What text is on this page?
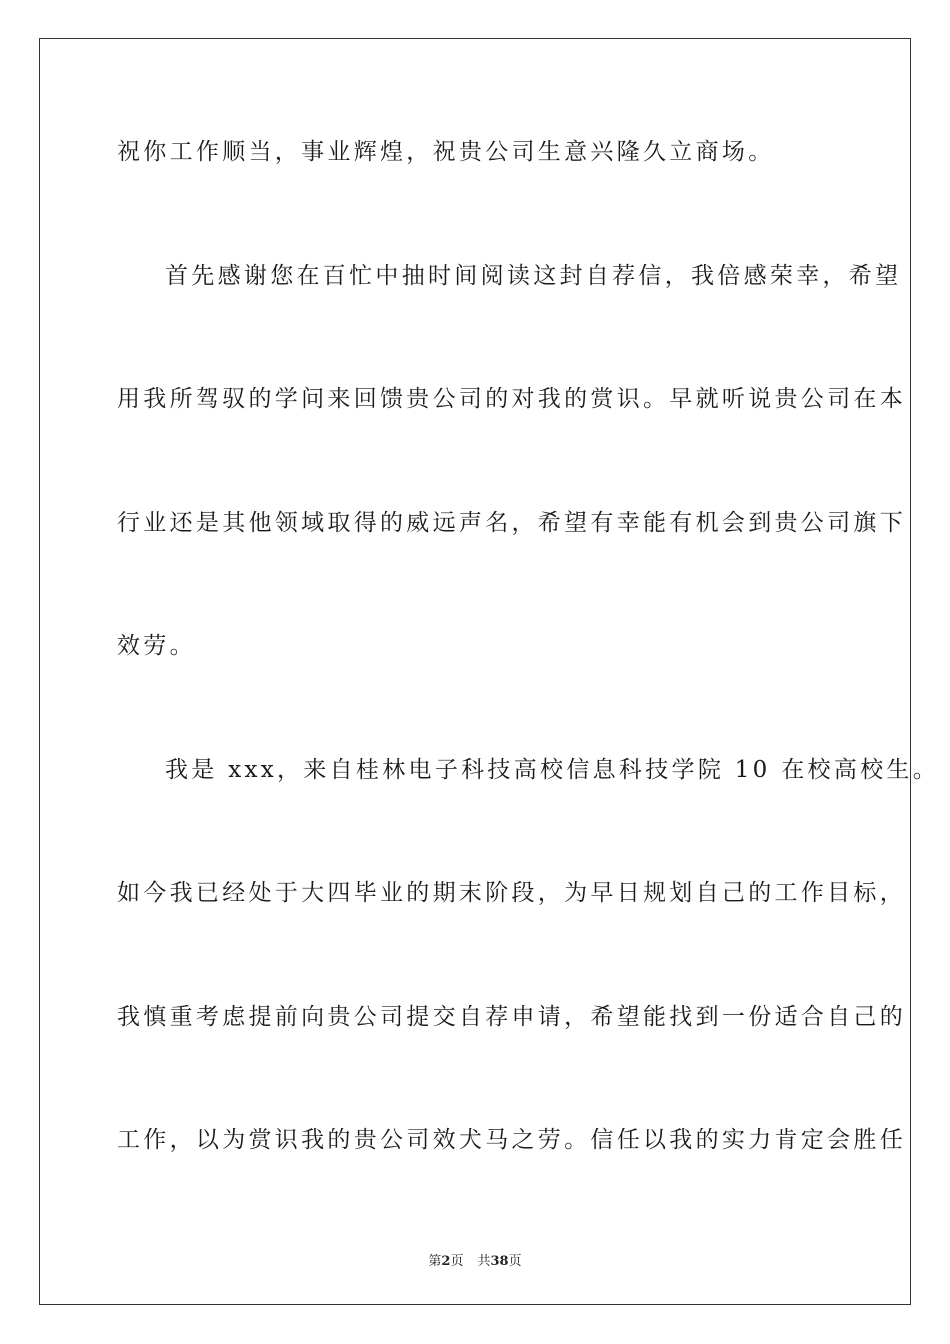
祝你工作顺当，事业辉煌，祝贵公司生意兴隆久立商场。
首先感谢您在百忙中抽时间阅读这封自荐信，我倍感荣幸，希望
用我所驾驭的学问来回馈贵公司的对我的赏识。早就听说贵公司在本
行业还是其他领域取得的威远声名，希望有幸能有机会到贵公司旗下
效劳。
我是 xxx，来自桂林电子科技高校信息科技学院 10 在校高校生。
如今我已经处于大四毕业的期末阶段，为早日规划自己的工作目标，
我慎重考虑提前向贵公司提交自荐申请，希望能找到一份适合自己的
工作，以为赏识我的贵公司效犬马之劳。信任以我的实力肯定会胜任
第2页 共38页
